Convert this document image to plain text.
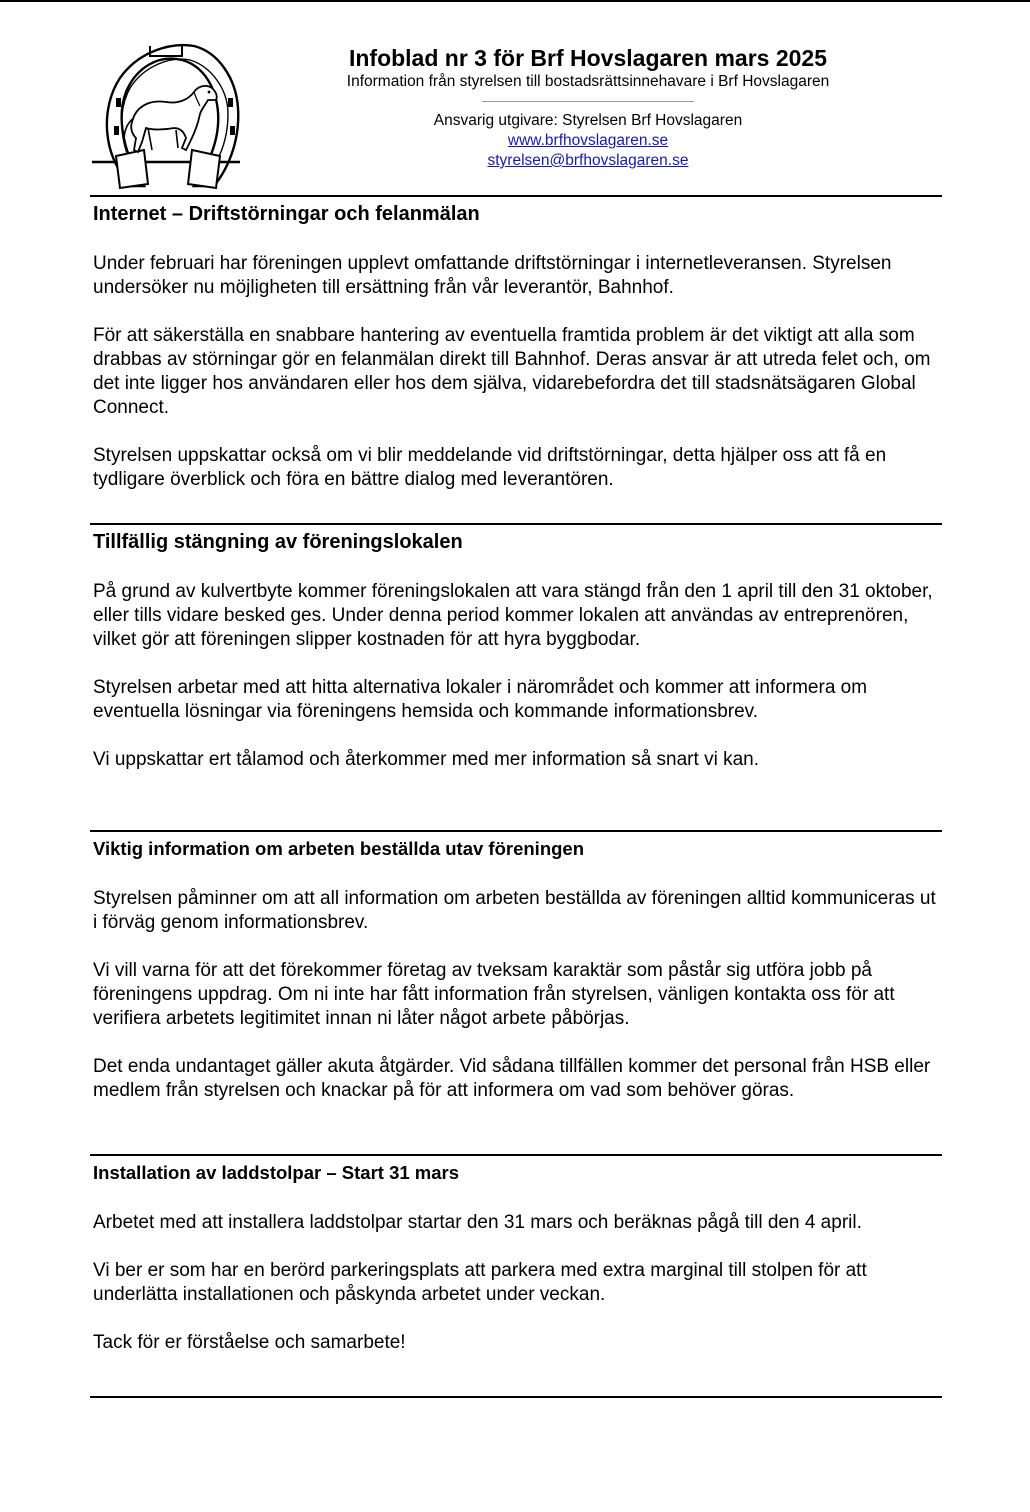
Infoblad nr 3 för Brf Hovslagaren mars 2025

Information från styrelsen till bostadsrättsinnehavare i Brf Hovslagaren

Ansvarig utgivare: Styrelsen Brf Hovslagaren
www.brfhovslagaren.se
styrelsen@brfhovslagaren.se
Internet – Driftstörningar och felanmälan

Under februari har föreningen upplevt omfattande driftstörningar i internetleveransen. Styrelsen undersöker nu möjligheten till ersättning från vår leverantör, Bahnhof.

För att säkerställa en snabbare hantering av eventuella framtida problem är det viktigt att alla som drabbas av störningar gör en felanmälan direkt till Bahnhof. Deras ansvar är att utreda felet och, om det inte ligger hos användaren eller hos dem själva, vidarebefordra det till stadsnätsägaren Global Connect.

Styrelsen uppskattar också om vi blir meddelande vid driftstörningar, detta hjälper oss att få en tydligare överblick och föra en bättre dialog med leverantören.

Tillfällig stängning av föreningslokalen

På grund av kulvertbyte kommer föreningslokalen att vara stängd från den 1 april till den 31 oktober, eller tills vidare besked ges. Under denna period kommer lokalen att användas av entreprenören, vilket gör att föreningen slipper kostnaden för att hyra byggbodar.

Styrelsen arbetar med att hitta alternativa lokaler i närområdet och kommer att informera om eventuella lösningar via föreningens hemsida och kommande informationsbrev.

Vi uppskattar ert tålamod och återkommer med mer information så snart vi kan.

Viktig information om arbeten beställda utav föreningen

Styrelsen påminner om att all information om arbeten beställda av föreningen alltid kommuniceras ut i förväg genom informationsbrev.

Vi vill varna för att det förekommer företag av tveksam karaktär som påstår sig utföra jobb på föreningens uppdrag. Om ni inte har fått information från styrelsen, vänligen kontakta oss för att verifiera arbetets legitimitet innan ni låter något arbete påbörjas.

Det enda undantaget gäller akuta åtgärder. Vid sådana tillfällen kommer det personal från HSB eller medlem från styrelsen och knackar på för att informera om vad som behöver göras.

Installation av laddstolpar – Start 31 mars

Arbetet med att installera laddstolpar startar den 31 mars och beräknas pågå till den 4 april.

Vi ber er som har en berörd parkeringsplats att parkera med extra marginal till stolpen för att underlätta installationen och påskynda arbetet under veckan.

Tack för er förståelse och samarbete!
